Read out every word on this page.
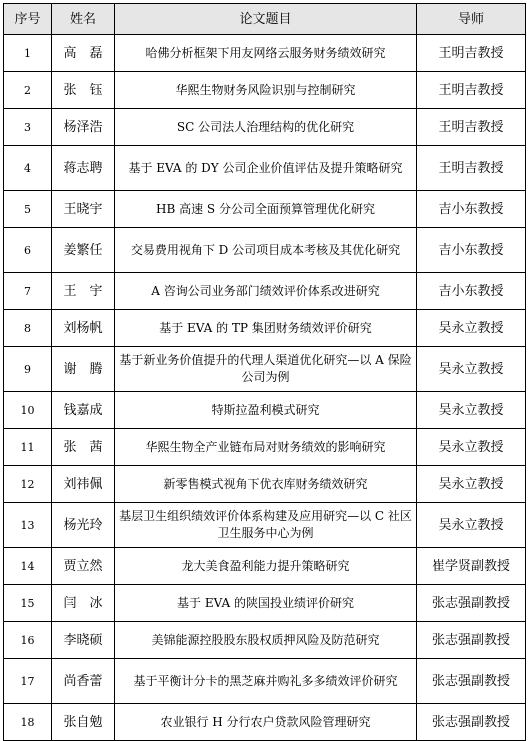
序号	姓名	论文题目	导师
1	高　磊	哈佛分析框架下用友网络云服务财务绩效研究	王明吉教授
2	张　钰	华熙生物财务风险识别与控制研究	王明吉教授
3	杨泽浩	SC 公司法人治理结构的优化研究	王明吉教授
4	蒋志聘	基于 EVA 的 DY 公司企业价值评估及提升策略研究	王明吉教授
5	王晓宇	HB 高速 S 分公司全面预算管理优化研究	吉小东教授
6	姜繁任	交易费用视角下 D 公司项目成本考核及其优化研究	吉小东教授
7	王　宇	A 咨询公司业务部门绩效评价体系改进研究	吉小东教授
8	刘杨帆	基于 EVA 的 TP 集团财务绩效评价研究	吴永立教授
9	谢　腾	基于新业务价值提升的代理人渠道优化研究—以 A 保险公司为例	吴永立教授
10	钱嘉成	特斯拉盈利模式研究	吴永立教授
11	张　茜	华熙生物全产业链布局对财务绩效的影响研究	吴永立教授
12	刘祎佩	新零售模式视角下优衣库财务绩效研究	吴永立教授
13	杨光玲	基层卫生组织绩效评价体系构建及应用研究—以 C 社区卫生服务中心为例	吴永立教授
14	贾立然	龙大美食盈利能力提升策略研究	崔学贤副教授
15	闫　冰	基于 EVA 的陕国投业绩评价研究	张志强副教授
16	李晓硕	美锦能源控股股东股权质押风险及防范研究	张志强副教授
17	尚香蕾	基于平衡计分卡的黑芝麻并购礼多多绩效评价研究	张志强副教授
18	张自勉	农业银行 H 分行农户贷款风险管理研究	张志强副教授
